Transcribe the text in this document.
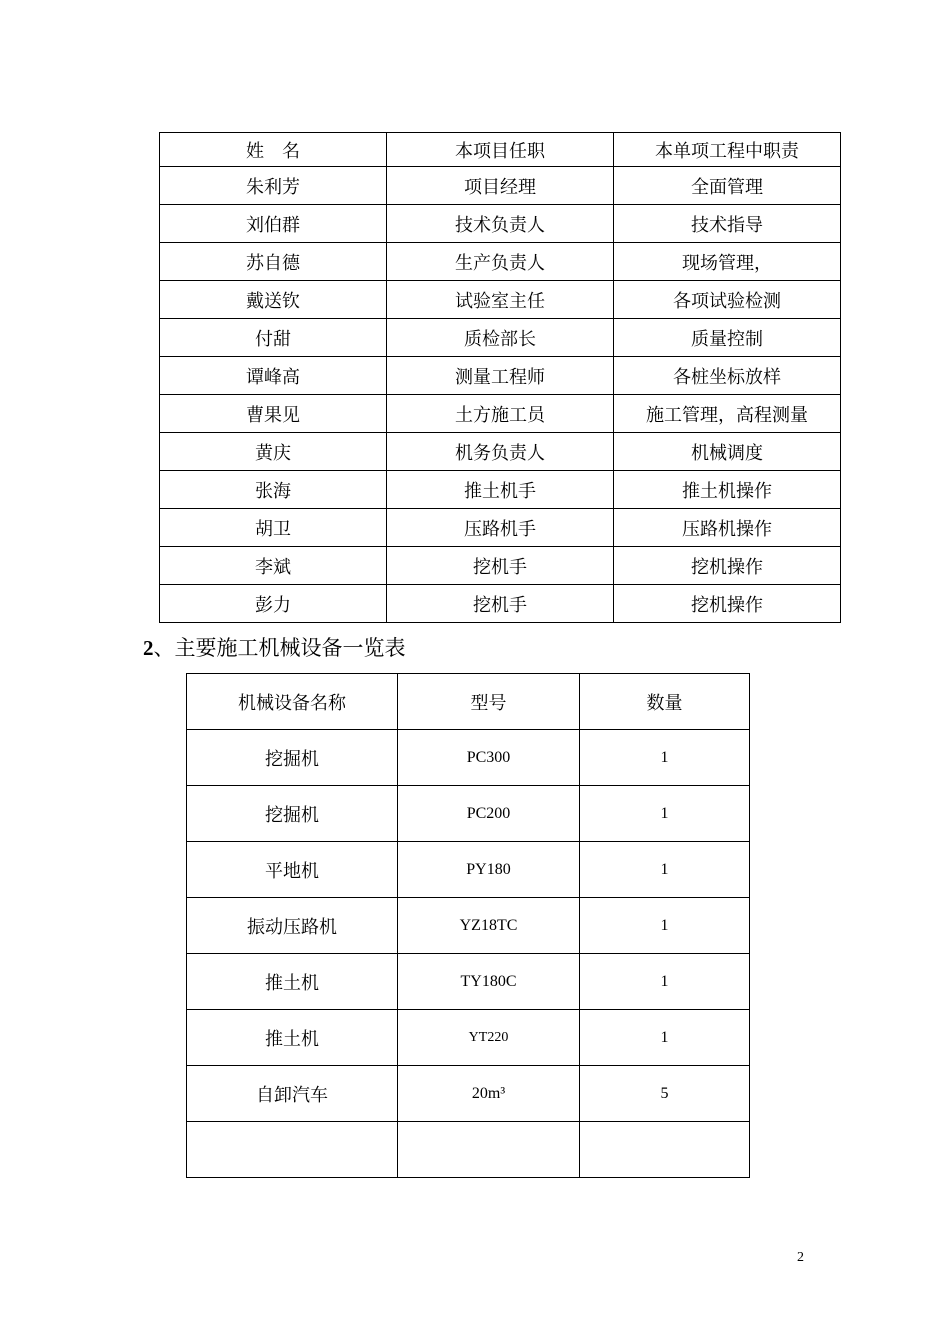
姓　名	本项目任职	本单项工程中职责
朱利芳	项目经理	全面管理
刘伯群	技术负责人	技术指导
苏自德	生产负责人	现场管理，
戴送钦	试验室主任	各项试验检测
付甜	质检部长	质量控制
谭峰高	测量工程师	各桩坐标放样
曹果见	土方施工员	施工管理，高程测量
黄庆	机务负责人	机械调度
张海	推土机手	推土机操作
胡卫	压路机手	压路机操作
李斌	挖机手	挖机操作
彭力	挖机手	挖机操作
2、主要施工机械设备一览表
机械设备名称	型号	数量
挖掘机	PC300	1
挖掘机	PC200	1
平地机	PY180	1
振动压路机	YZ18TC	1
推土机	TY180C	1
推土机	YT220	1
自卸汽车	20m³	5

2
